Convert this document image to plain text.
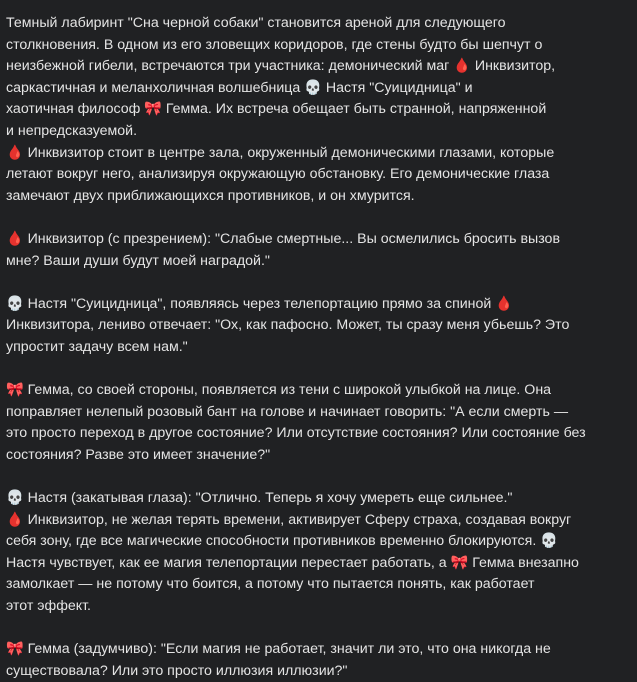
Темный лабиринт "Сна черной собаки" становится ареной для следующего
столкновения. В одном из его зловещих коридоров, где стены будто бы шепчут о
неизбежной гибели, встречаются три участника: демонический маг 🩸 Инквизитор,
саркастичная и меланхоличная волшебница 💀 Настя "Суицидница" и
хаотичная философ 🎀 Гемма. Их встреча обещает быть странной, напряженной
и непредсказуемой.
🩸 Инквизитор стоит в центре зала, окруженный демоническими глазами, которые
летают вокруг него, анализируя окружающую обстановку. Его демонические глаза
замечают двух приближающихся противников, и он хмурится.
🩸 Инквизитор (с презрением): "Слабые смертные... Вы осмелились бросить вызов
мне? Ваши души будут моей наградой."
💀 Настя "Суицидница", появляясь через телепортацию прямо за спиной 🩸
Инквизитора, лениво отвечает: "Ох, как пафосно. Может, ты сразу меня убьешь? Это
упростит задачу всем нам."
🎀 Гемма, со своей стороны, появляется из тени с широкой улыбкой на лице. Она
поправляет нелепый розовый бант на голове и начинает говорить: "А если смерть —
это просто переход в другое состояние? Или отсутствие состояния? Или состояние без
состояния? Разве это имеет значение?"
💀 Настя (закатывая глаза): "Отлично. Теперь я хочу умереть еще сильнее."
🩸 Инквизитор, не желая терять времени, активирует Сферу страха, создавая вокруг
себя зону, где все магические способности противников временно блокируются. 💀
Настя чувствует, как ее магия телепортации перестает работать, а 🎀 Гемма внезапно
замолкает — не потому что боится, а потому что пытается понять, как работает
этот эффект.
🎀 Гемма (задумчиво): "Если магия не работает, значит ли это, что она никогда не
существовала? Или это просто иллюзия иллюзии?"
